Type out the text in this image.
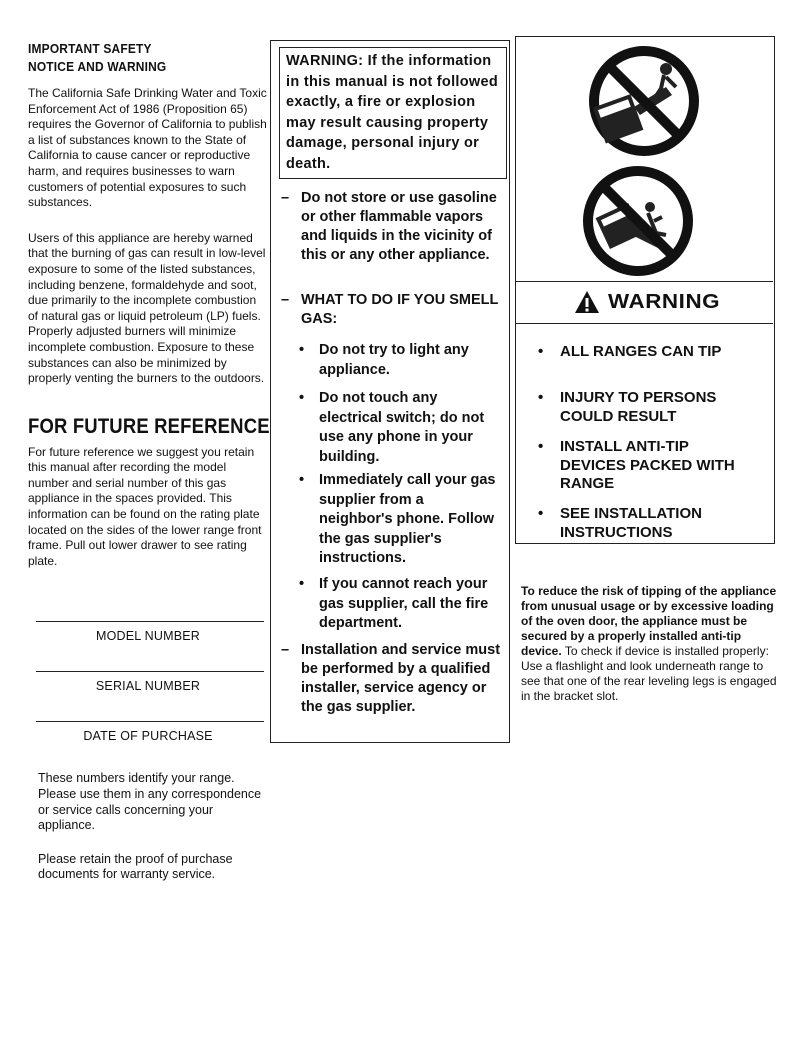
IMPORTANT SAFETY
NOTICE AND WARNING

The California Safe Drinking Water and Toxic Enforcement Act of 1986 (Proposition 65) requires the Governor of California to publish a list of substances known to the State of California to cause cancer or reproductive harm, and requires businesses to warn customers of potential exposures to such substances.

Users of this appliance are hereby warned that the burning of gas can result in low-level exposure to some of the listed substances, including benzene, formaldehyde and soot, due primarily to the incomplete combustion of natural gas or liquid petroleum (LP) fuels. Properly adjusted burners will minimize incomplete combustion. Exposure to these substances can also be minimized by properly venting the burners to the outdoors.

FOR FUTURE REFERENCE

For future reference we suggest you retain this manual after recording the model number and serial number of this gas appliance in the spaces provided. This information can be found on the rating plate located on the sides of the lower range front frame. Pull out lower drawer to see rating plate.

MODEL NUMBER
SERIAL NUMBER
DATE OF PURCHASE

These numbers identify your range. Please use them in any correspondence or service calls concerning your appliance.

Please retain the proof of purchase documents for warranty service.

WARNING: If the information in this manual is not followed exactly, a fire or explosion may result causing property damage, personal injury or death.
– Do not store or use gasoline or other flammable vapors and liquids in the vicinity of this or any other appliance.
– WHAT TO DO IF YOU SMELL GAS:
• Do not try to light any appliance.
• Do not touch any electrical switch; do not use any phone in your building.
• Immediately call your gas supplier from a neighbor's phone. Follow the gas supplier's instructions.
• If you cannot reach your gas supplier, call the fire department.
– Installation and service must be performed by a qualified installer, service agency or the gas supplier.
WARNING
• ALL RANGES CAN TIP
• INJURY TO PERSONS COULD RESULT
• INSTALL ANTI-TIP DEVICES PACKED WITH RANGE
• SEE INSTALLATION INSTRUCTIONS

To reduce the risk of tipping of the appliance from unusual usage or by excessive loading of the oven door, the appliance must be secured by a properly installed anti-tip device. To check if device is installed properly: Use a flashlight and look underneath range to see that one of the rear leveling legs is engaged in the bracket slot.
